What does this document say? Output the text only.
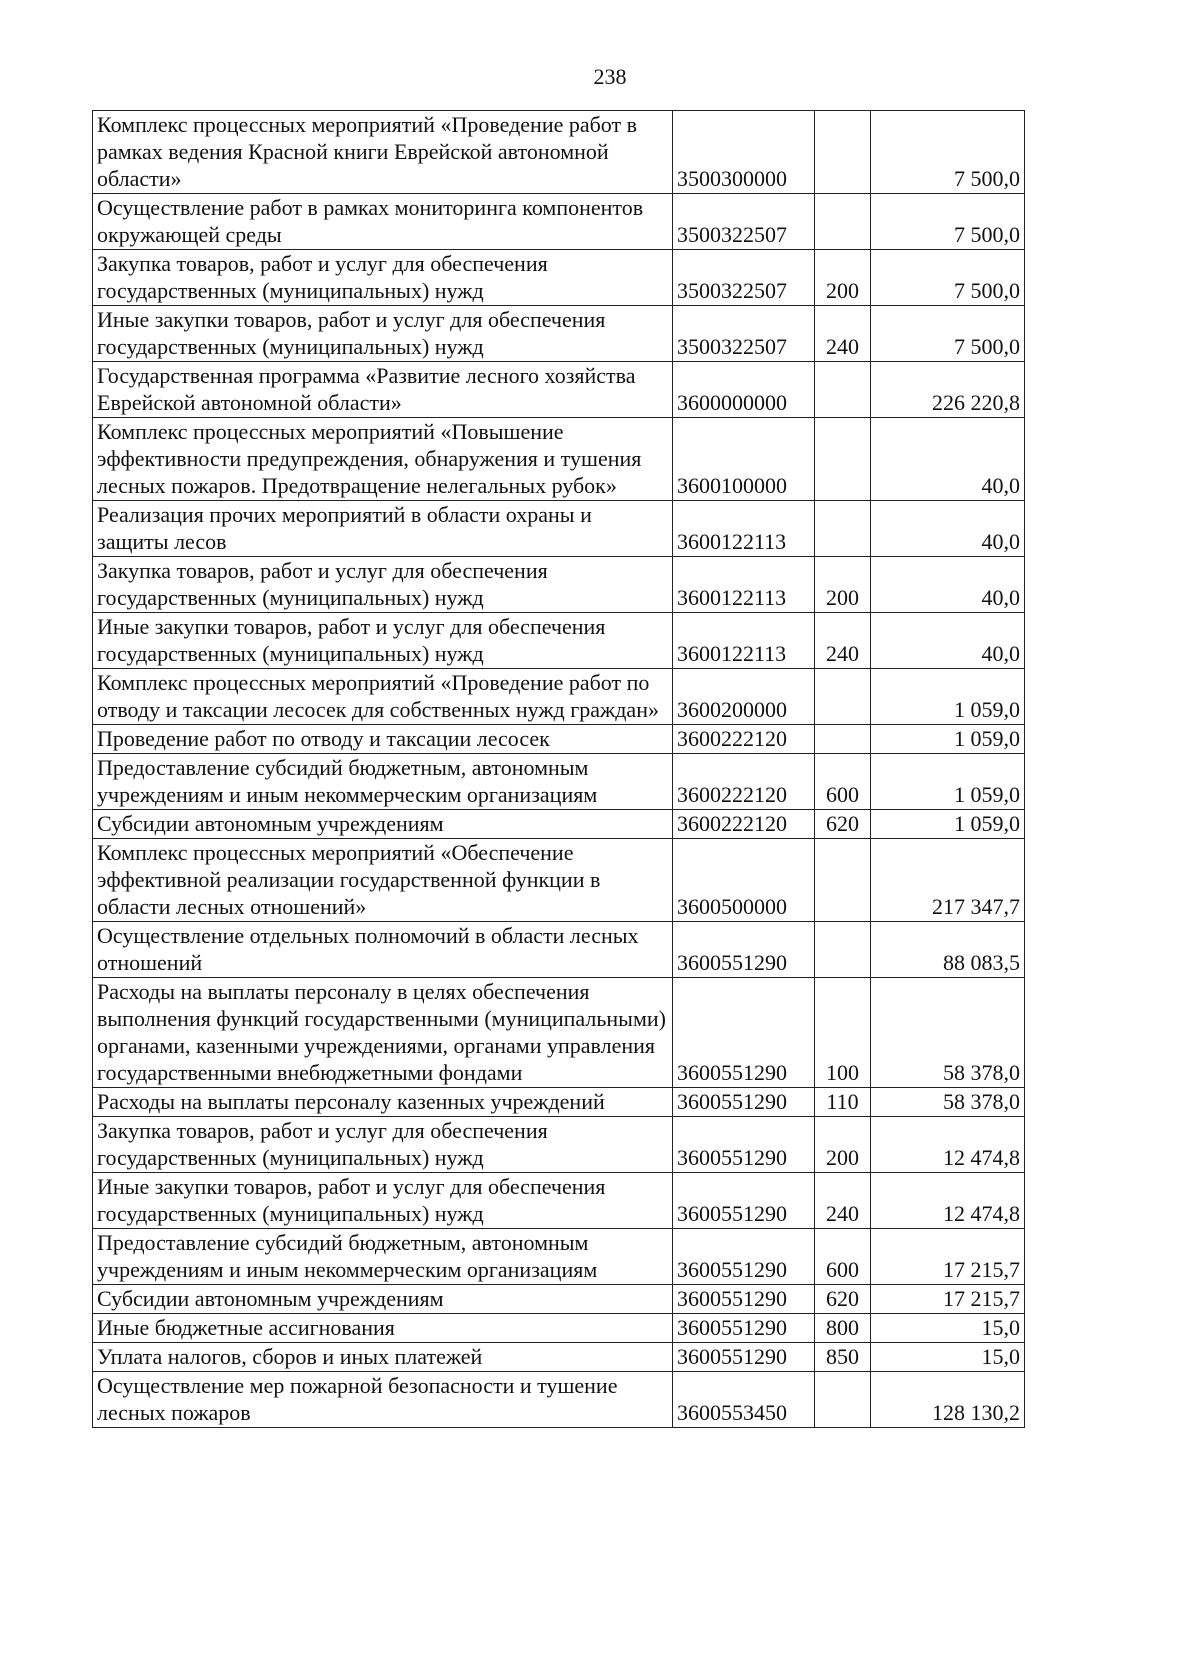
238
Комплекс процессных мероприятий «Проведение работ в рамках ведения Красной книги Еврейской автономной области»	3500300000		7 500,0
Осуществление работ в рамках мониторинга компонентов окружающей среды	3500322507		7 500,0
Закупка товаров, работ и услуг для обеспечения государственных (муниципальных) нужд	3500322507	200	7 500,0
Иные закупки товаров, работ и услуг для обеспечения государственных (муниципальных) нужд	3500322507	240	7 500,0
Государственная программа «Развитие лесного хозяйства Еврейской автономной области»	3600000000		226 220,8
Комплекс процессных мероприятий «Повышение эффективности предупреждения, обнаружения и тушения лесных пожаров. Предотвращение нелегальных рубок»	3600100000		40,0
Реализация прочих мероприятий в области охраны и защиты лесов	3600122113		40,0
Закупка товаров, работ и услуг для обеспечения государственных (муниципальных) нужд	3600122113	200	40,0
Иные закупки товаров, работ и услуг для обеспечения государственных (муниципальных) нужд	3600122113	240	40,0
Комплекс процессных мероприятий «Проведение работ по отводу и таксации лесосек для собственных нужд граждан»	3600200000		1 059,0
Проведение работ по отводу и таксации лесосек	3600222120		1 059,0
Предоставление субсидий бюджетным, автономным учреждениям и иным некоммерческим организациям	3600222120	600	1 059,0
Субсидии автономным учреждениям	3600222120	620	1 059,0
Комплекс процессных мероприятий «Обеспечение эффективной реализации государственной функции в области лесных отношений»	3600500000		217 347,7
Осуществление отдельных полномочий в области лесных отношений	3600551290		88 083,5
Расходы на выплаты персоналу в целях обеспечения выполнения функций государственными (муниципальными) органами, казенными учреждениями, органами управления государственными внебюджетными фондами	3600551290	100	58 378,0
Расходы на выплаты персоналу казенных учреждений	3600551290	110	58 378,0
Закупка товаров, работ и услуг для обеспечения государственных (муниципальных) нужд	3600551290	200	12 474,8
Иные закупки товаров, работ и услуг для обеспечения государственных (муниципальных) нужд	3600551290	240	12 474,8
Предоставление субсидий бюджетным, автономным учреждениям и иным некоммерческим организациям	3600551290	600	17 215,7
Субсидии автономным учреждениям	3600551290	620	17 215,7
Иные бюджетные ассигнования	3600551290	800	15,0
Уплата налогов, сборов и иных платежей	3600551290	850	15,0
Осуществление мер пожарной безопасности и тушение лесных пожаров	3600553450		128 130,2
